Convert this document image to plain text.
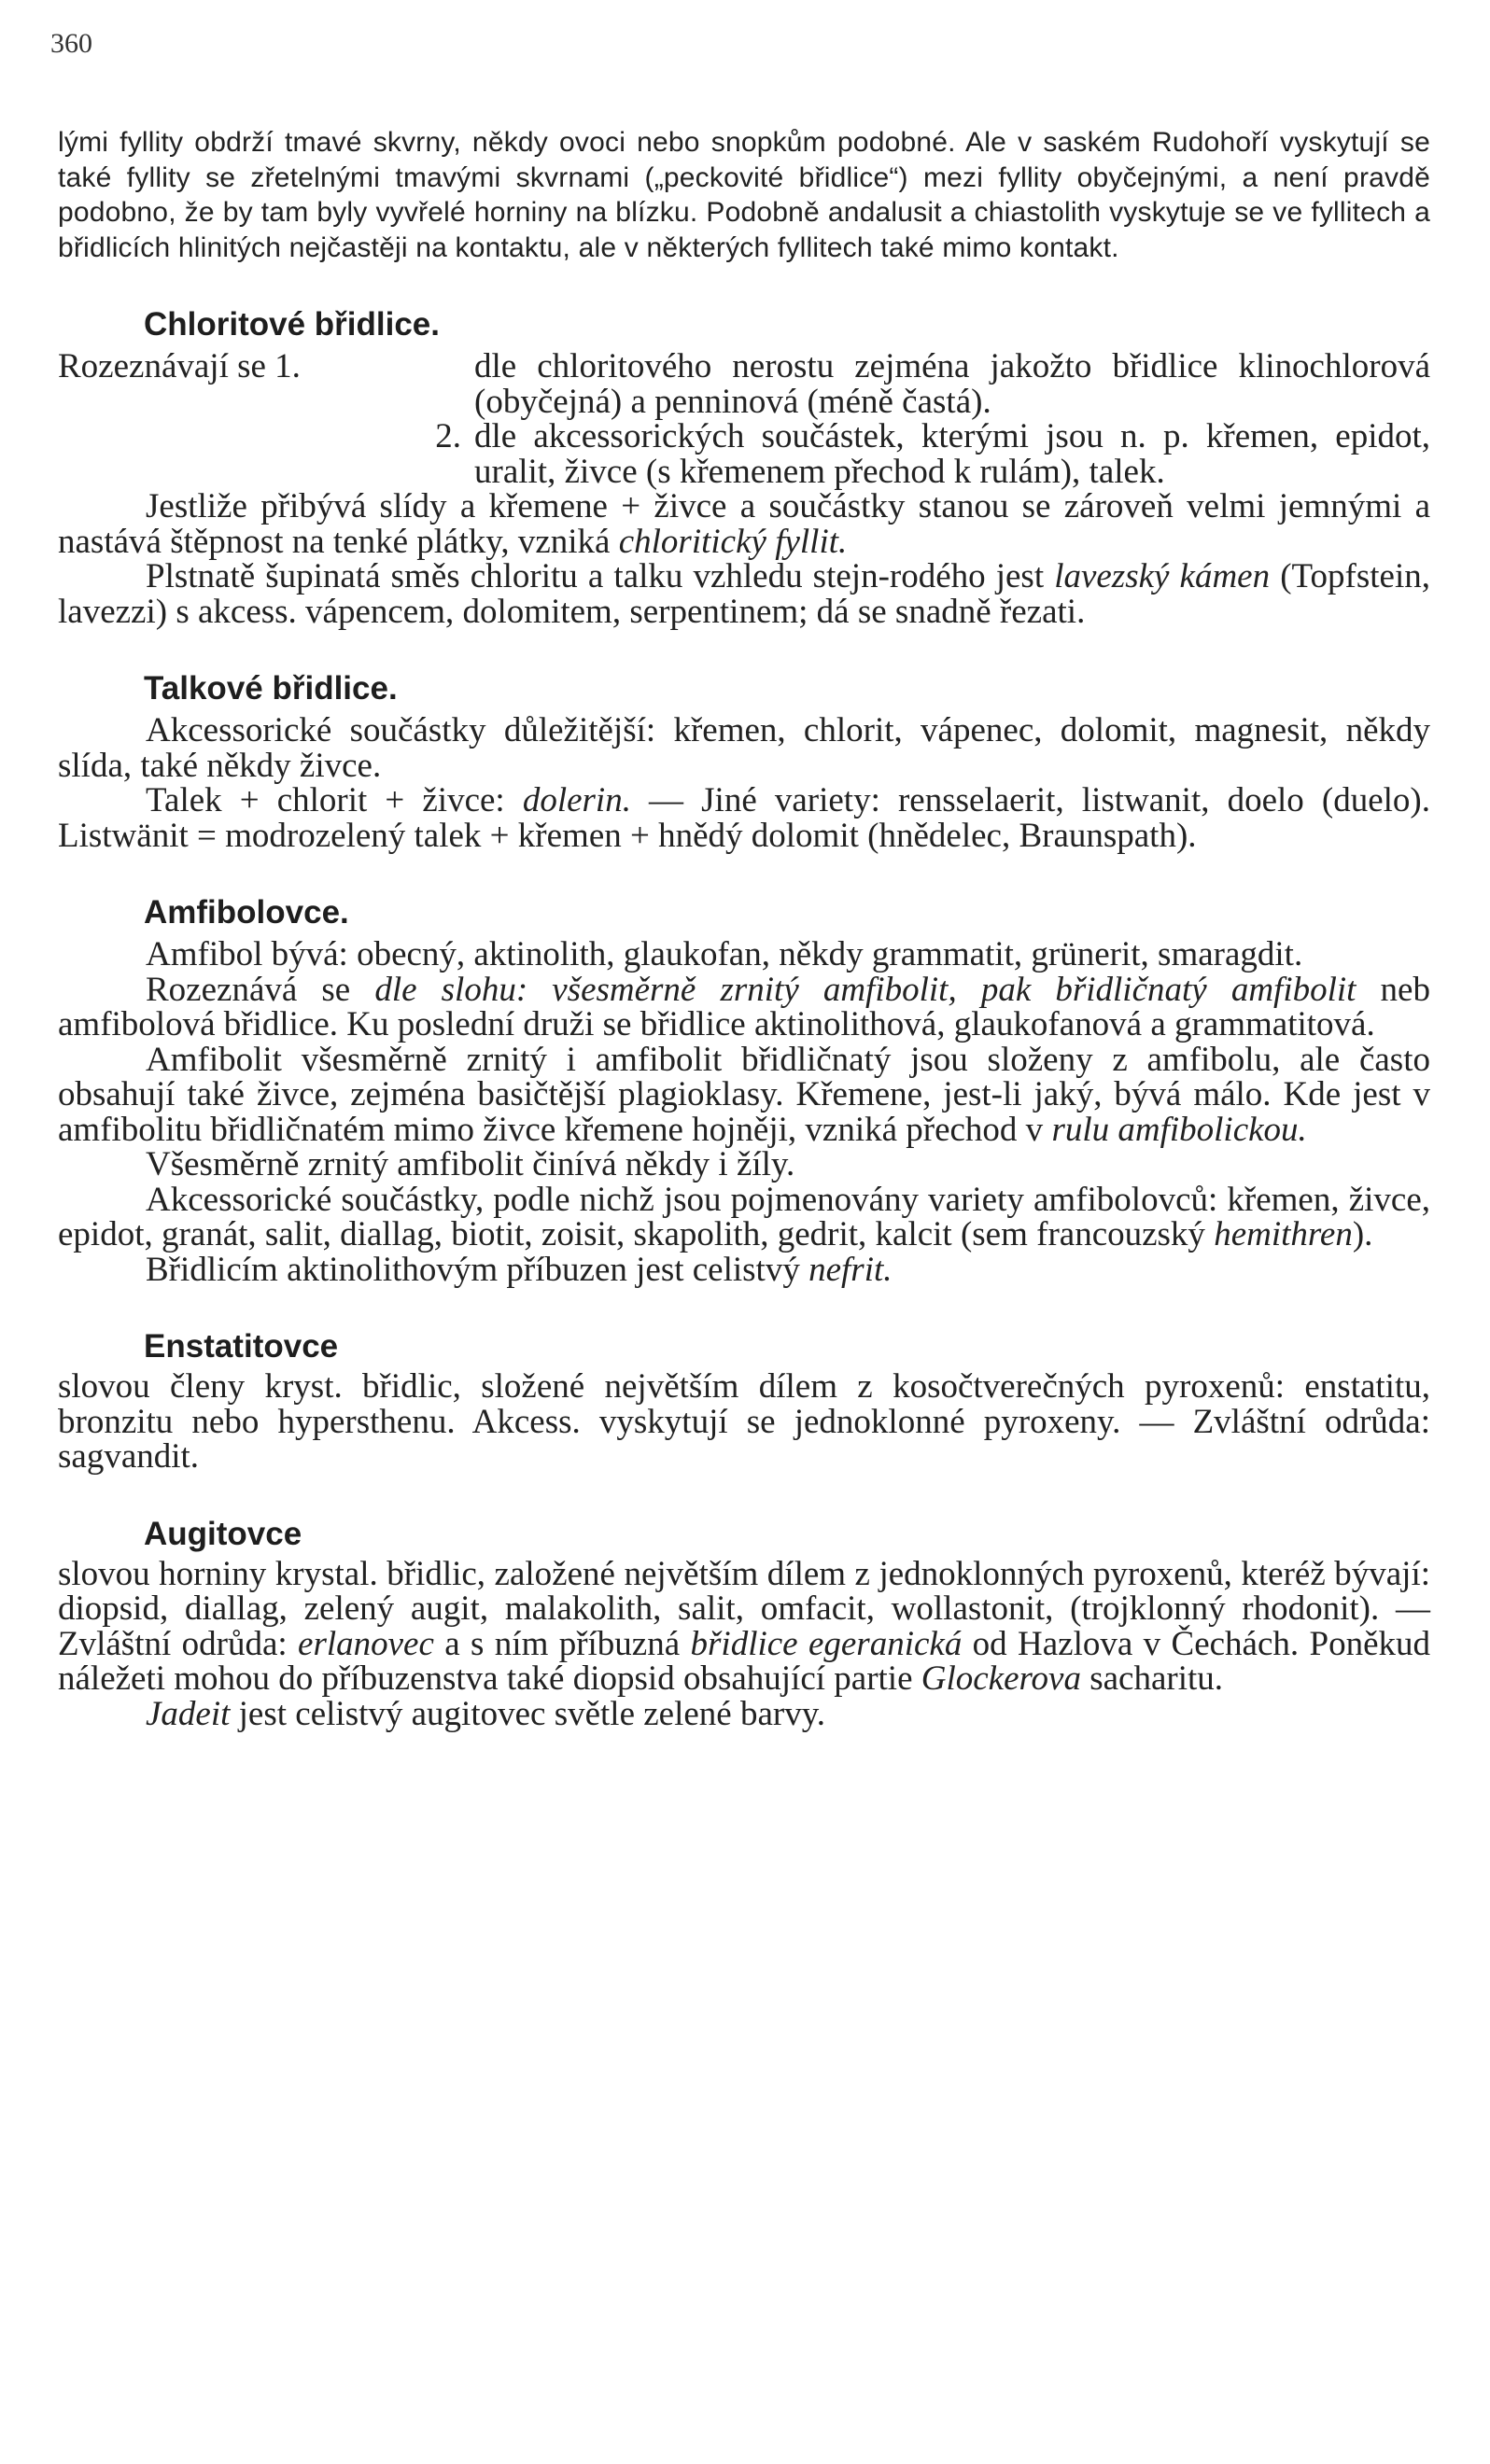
360

lými fyllity obdrží tmavé skvrny, někdy ovoci nebo snopkům podobné. Ale v saském Rudohoří vyskytují se také fyllity se zřetelnými tmavými skvrnami („peckovité břidlice“) mezi fyllity obyčejnými, a není pravdě podobno, že by tam byly vyvřelé horniny na blízku. Podobně andalusit a chiastolith vyskytuje se ve fyllitech a břidlicích hlinitých nejčastěji na kontaktu, ale v některých fyllitech také mimo kontakt.

Chloritové břidlice.
Rozeznávají se 1.	dle chloritového nerostu zejména jakožto břidlice klinochlorová (obyčejná) a penninová (méně častá).
2. dle akcessorických součástek, kterými jsou n. p. křemen, epidot, uralit, živce (s křemenem přechod k rulám), talek.

Jestliže přibývá slídy a křemene + živce a součástky stanou se zároveň velmi jemnými a nastává štěpnost na tenké plátky, vzniká chloritický fyllit.

Plstnatě šupinatá směs chloritu a talku vzhledu stejn-rodého jest lavezský kámen (Topfstein, lavezzi) s akcess. vápencem, dolomitem, serpentinem; dá se snadně řezati.

Talkové břidlice.

Akcessorické součástky důležitější: křemen, chlorit, vápenec, dolomit, magnesit, někdy slída, také někdy živce.

Talek + chlorit + živce: dolerin. — Jiné variety: rensselaerit, listwanit, doelo (duelo). Listwänit = modrozelený talek + křemen + hnědý dolomit (hnědelec, Braunspath).

Amfibolovce.

Amfibol bývá: obecný, aktinolith, glaukofan, někdy grammatit, grünerit, smaragdit.

Rozeznává se dle slohu: všesměrně zrnitý amfibolit, pak břidličnatý amfibolit neb amfibolová břidlice. Ku poslední druži se břidlice aktinolithová, glaukofanová a grammatitová.

Amfibolit všesměrně zrnitý i amfibolit břidličnatý jsou složeny z amfibolu, ale často obsahují také živce, zejména basičtější plagioklasy. Křemene, jest-li jaký, bývá málo. Kde jest v amfibolitu břidličnatém mimo živce křemene hojněji, vzniká přechod v rulu amfibolickou.

Všesměrně zrnitý amfibolit činívá někdy i žíly.

Akcessorické součástky, podle nichž jsou pojmenovány variety amfibolovců: křemen, živce, epidot, granát, salit, diallag, biotit, zoisit, skapolith, gedrit, kalcit (sem francouzský hemithren).

Břidlicím aktinolithovým příbuzen jest celistvý nefrit.

Enstatitovce

slovou členy kryst. břidlic, složené největším dílem z kosočtverečných pyroxenů: enstatitu, bronzitu nebo hypersthenu. Akcess. vyskytují se jednoklonné pyroxeny. — Zvláštní odrůda: sagvandit.

Augitovce

slovou horniny krystal. břidlic, založené největším dílem z jednoklonných pyroxenů, kteréž bývají: diopsid, diallag, zelený augit, malakolith, salit, omfacit, wollastonit, (trojklonný rhodonit). — Zvláštní odrůda: erlanovec a s ním příbuzná břidlice egeranická od Hazlova v Čechách. Poněkud náležeti mohou do příbuzenstva také diopsid obsahující partie Glockerova sacharitu.

Jadeit jest celistvý augitovec světle zelené barvy.
